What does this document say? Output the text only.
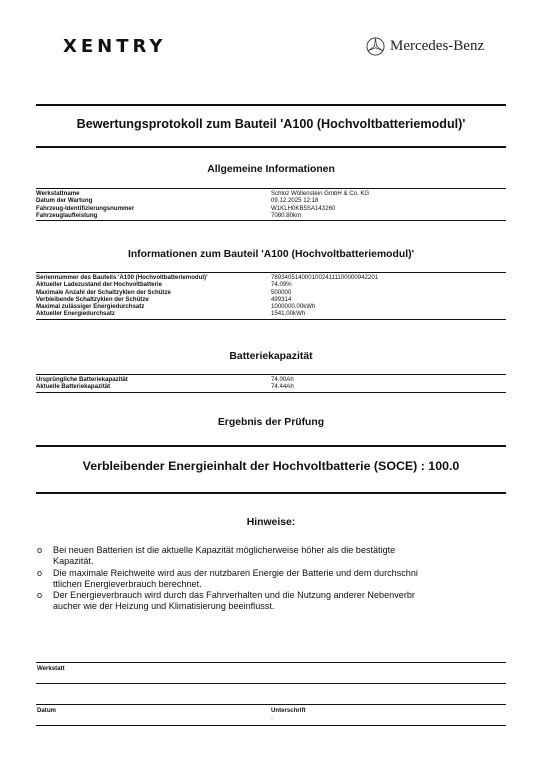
XENTRY	Mercedes-Benz
Bewertungsprotokoll zum Bauteil 'A100 (Hochvoltbatteriemodul)'
Allgemeine Informationen
Werkstattname	Schloz Wöllenstein GmbH & Co. KG
Datum der Wartung	09.12.2025 12:18
Fahrzeug-Identifizierungsnummer	W1KLH0KB5SA143260
Fahrzeuglaufleistung	7080.80km
Informationen zum Bauteil 'A100 (Hochvoltbatteriemodul)'
Seriennummer des Bauteils 'A100 (Hochvoltbatteriemodul)'	78934051400010024111100000942201
Aktueller Ladezustand der Hochvoltbatterie	74.09%
Maximale Anzahl der Schaltzyklen der Schütze	500000
Verbleibende Schaltzyklen der Schütze	499314
Maximal zulässiger Energiedurchsatz	1000000.00kWh
Aktueller Energiedurchsatz	1541.00kWh
Batteriekapazität
Ursprüngliche Batteriekapazität	74.00Ah
Aktuelle Batteriekapazität	74.44Ah
Ergebnis der Prüfung
Verbleibender Energieinhalt der Hochvoltbatterie (SOCE) : 100.0
Hinweise:
o	Bei neuen Batterien ist die aktuelle Kapazität möglicherweise höher als die bestätigte
Kapazität.
o	Die maximale Reichweite wird aus der nutzbaren Energie der Batterie und dem durchschni
ttlichen Energieverbrauch berechnet.
o	Der Energieverbrauch wird durch das Fahrverhalten und die Nutzung anderer Nebenverbr
aucher wie der Heizung und Klimatisierung beeinflusst.
Werkstatt
Datum	Unterschrift
-
